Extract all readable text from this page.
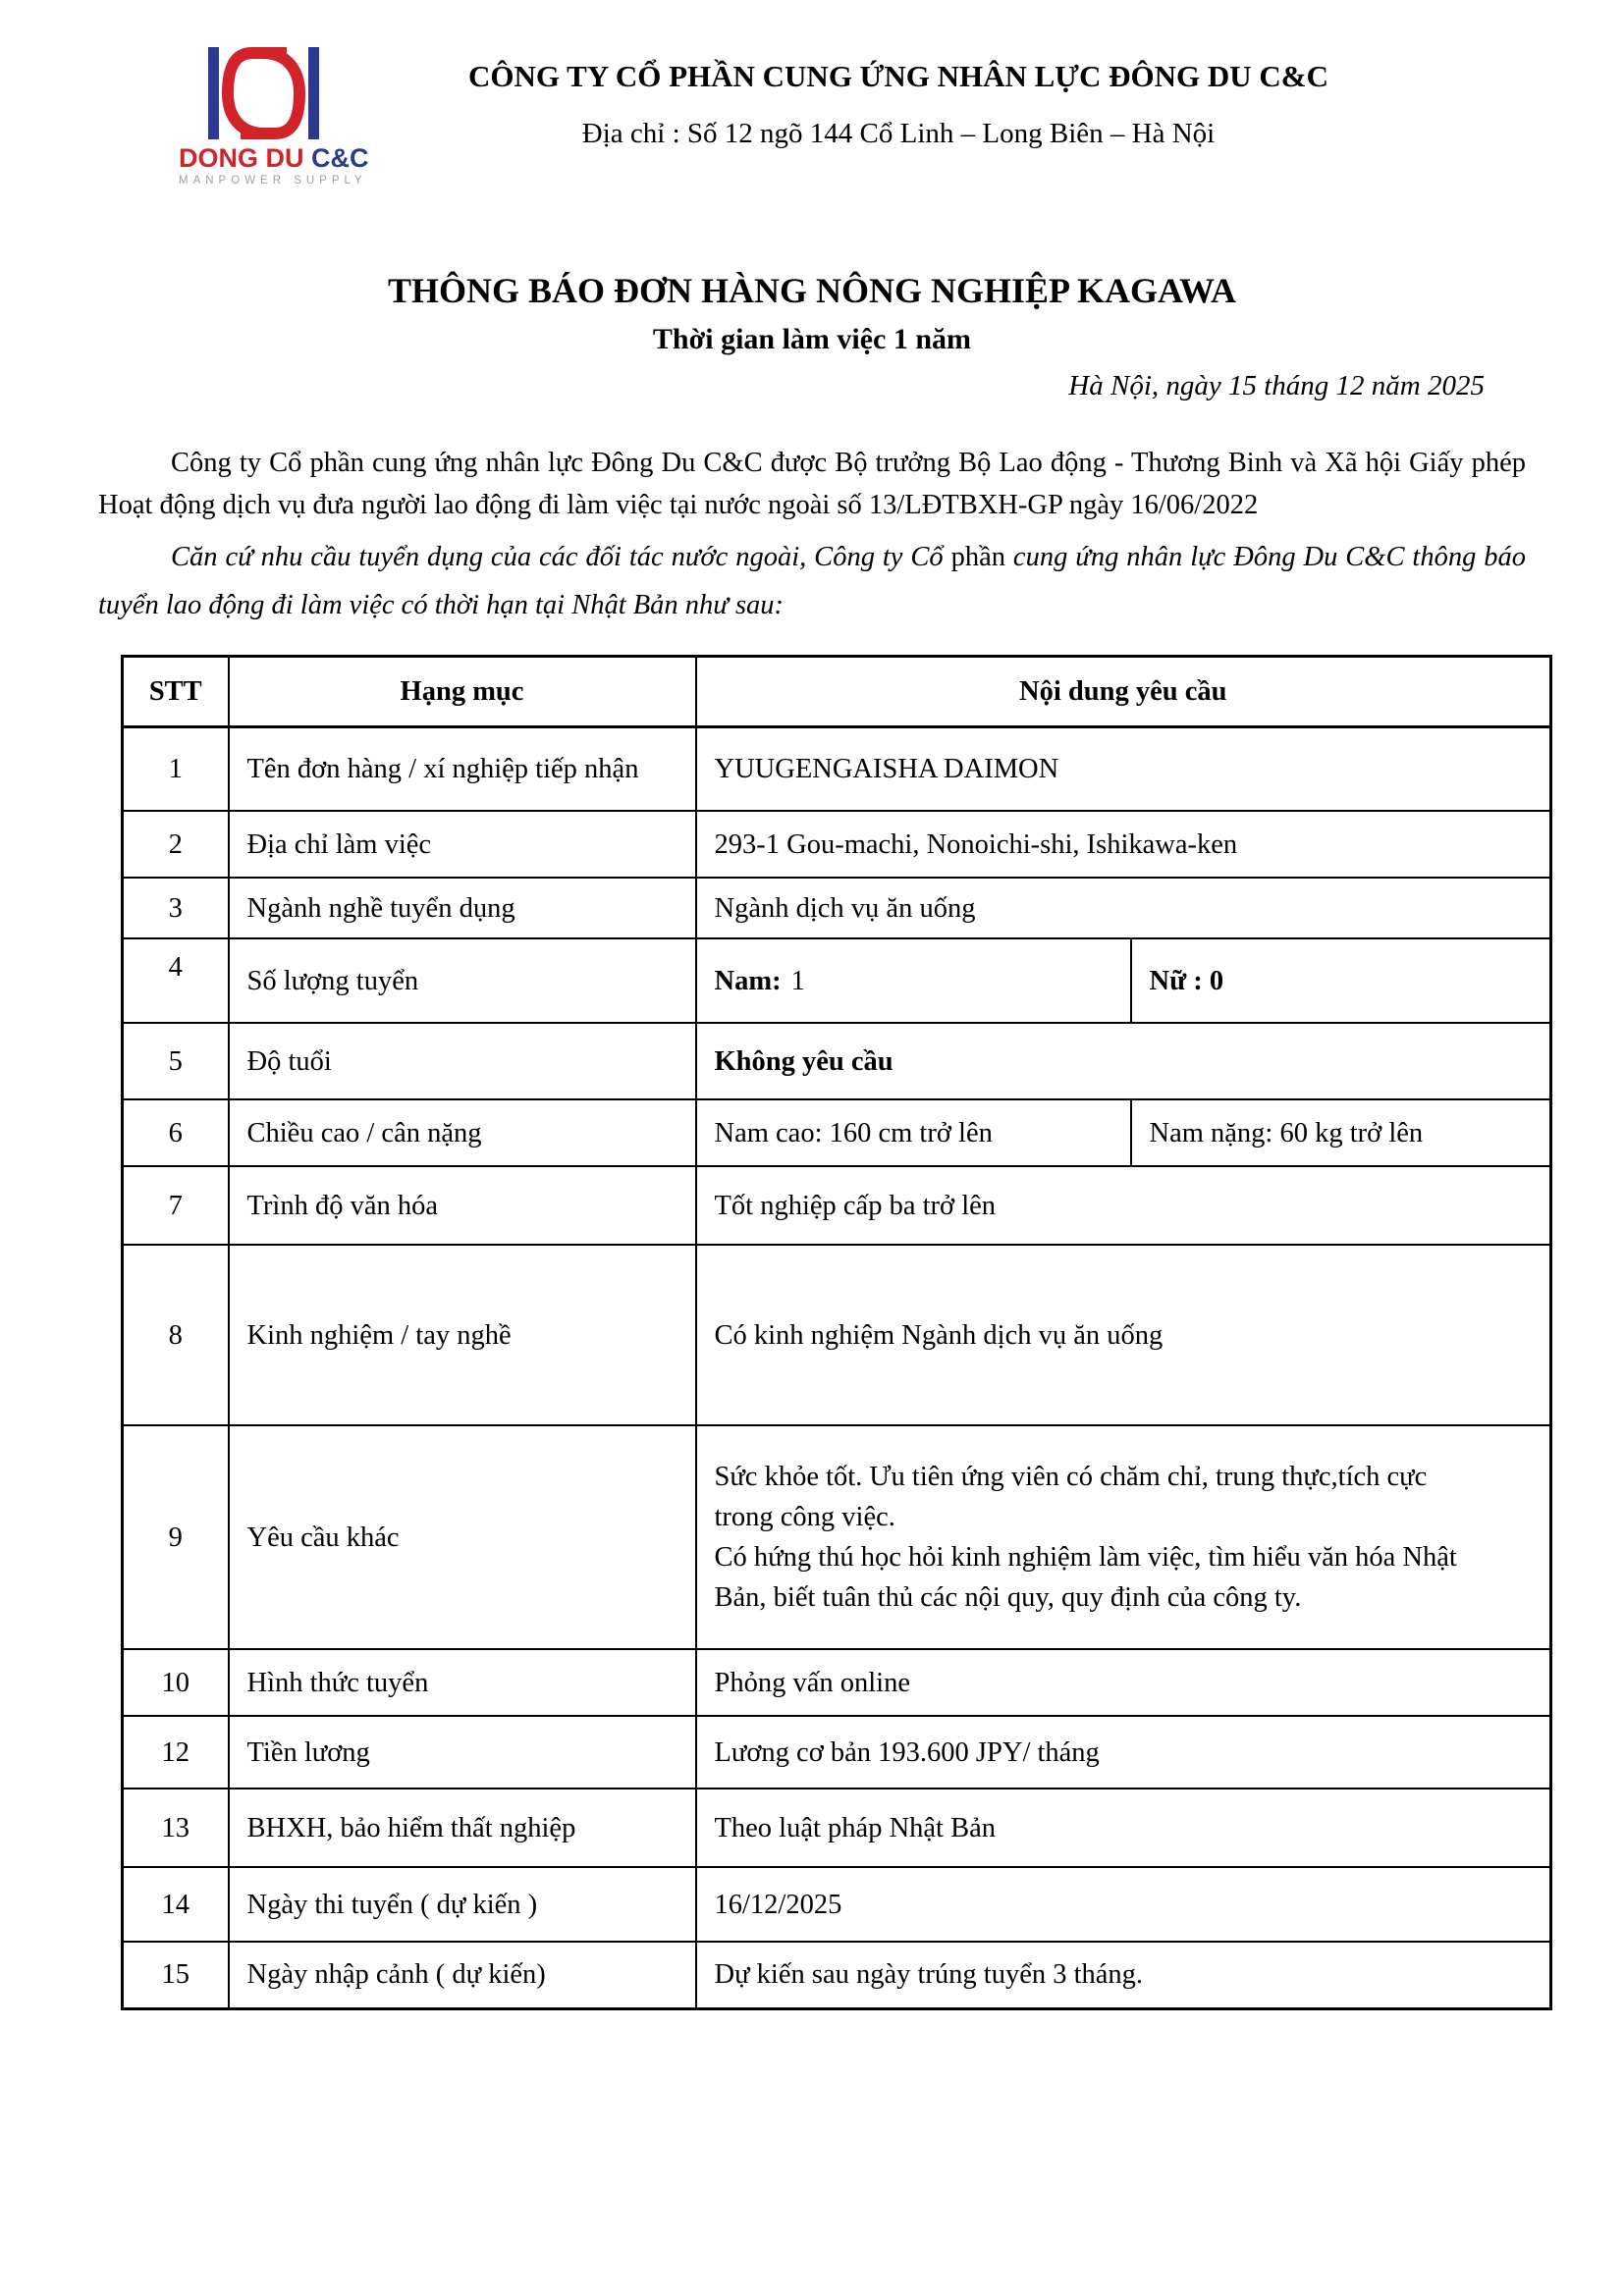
DONG DU C&C
MANPOWER SUPPLY
CÔNG TY CỔ PHẦN CUNG ỨNG NHÂN LỰC ĐÔNG DU C&C
Địa chỉ : Số 12 ngõ 144 Cổ Linh – Long Biên – Hà Nội
THÔNG BÁO ĐƠN HÀNG NÔNG NGHIỆP KAGAWA
Thời gian làm việc 1 năm
Hà Nội, ngày 15 tháng 12 năm 2025

Công ty Cổ phần cung ứng nhân lực Đông Du C&C được Bộ trưởng Bộ Lao động - Thương Binh và Xã hội Giấy phép Hoạt động dịch vụ đưa người lao động đi làm việc tại nước ngoài số 13/LĐTBXH-GP ngày 16/06/2022

Căn cứ nhu cầu tuyển dụng của các đối tác nước ngoài, Công ty Cổ phần cung ứng nhân lực Đông Du C&C thông báo tuyển lao động đi làm việc có thời hạn tại Nhật Bản như sau:

STT	Hạng mục	Nội dung yêu cầu	
1	Tên đơn hàng / xí nghiệp tiếp nhận	YUUGENGAISHA DAIMON	
2	Địa chỉ làm việc	293-1 Gou-machi, Nonoichi-shi, Ishikawa-ken	
3	Ngành nghề tuyển dụng	Ngành dịch vụ ăn uống	
4	Số lượng tuyển	Nam: 1	Nữ : 0
5	Độ tuổi	Không yêu cầu	
6	Chiều cao / cân nặng	Nam cao: 160 cm trở lên	Nam nặng: 60 kg trở lên
7	Trình độ văn hóa	Tốt nghiệp cấp ba trở lên	
8	Kinh nghiệm / tay nghề	Có kinh nghiệm Ngành dịch vụ ăn uống	
9	Yêu cầu khác	Sức khỏe tốt. Ưu tiên ứng viên có chăm chỉ, trung thực,tích cực trong công việc.
Có hứng thú học hỏi kinh nghiệm làm việc, tìm hiểu văn hóa Nhật Bản, biết tuân thủ các nội quy, quy định của công ty.	

10	Hình thức tuyển	Phỏng vấn online	
12	Tiền lương	Lương cơ bản 193.600 JPY/ tháng	
13	BHXH, bảo hiểm thất nghiệp	Theo luật pháp Nhật Bản	
14	Ngày thi tuyển ( dự kiến )	16/12/2025	
15	Ngày nhập cảnh ( dự kiến)	Dự kiến sau ngày trúng tuyển 3 tháng.	
